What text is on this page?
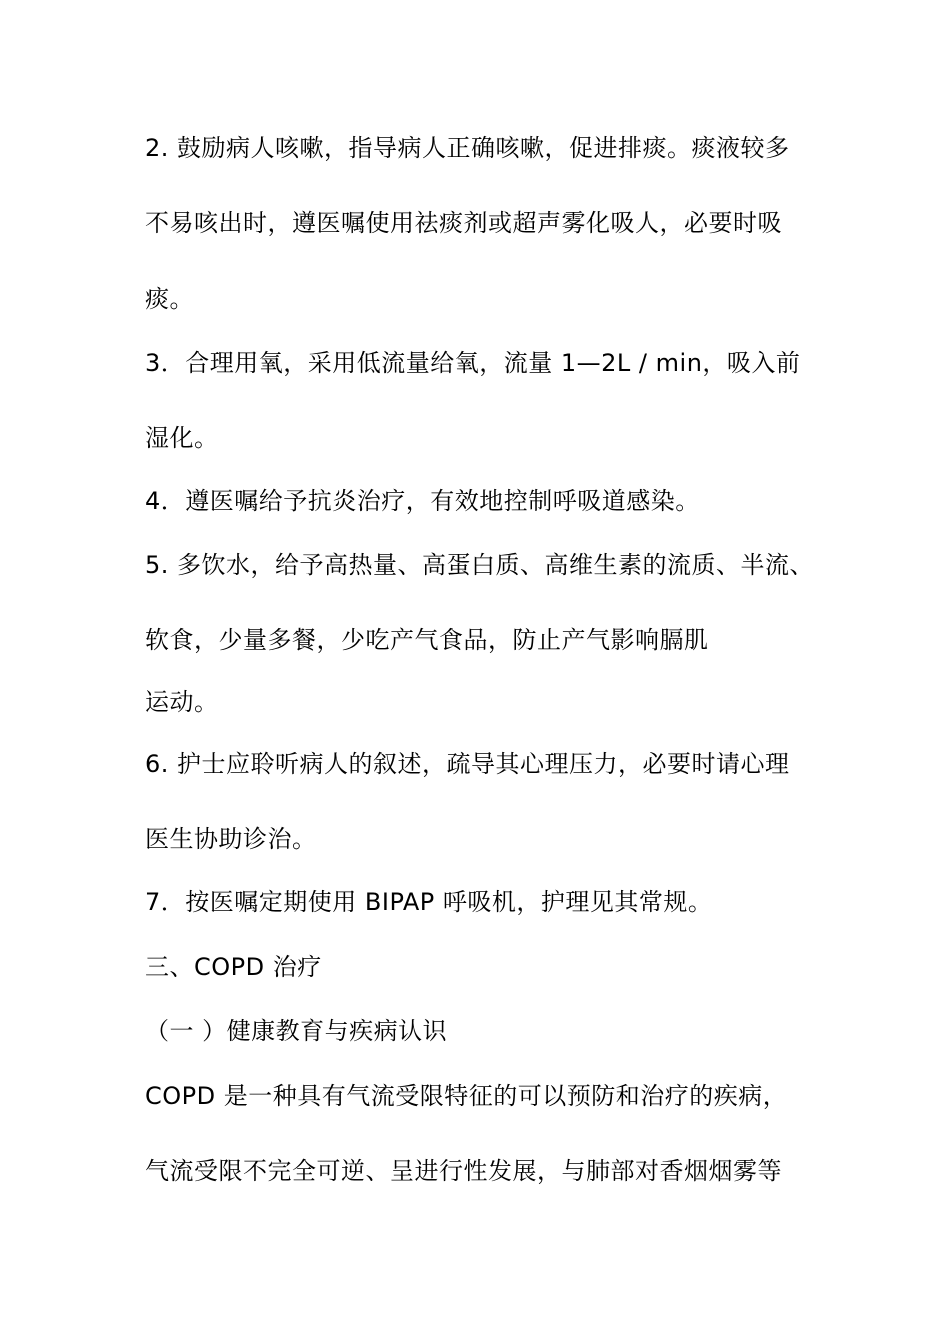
2. 鼓励病人咳嗽，指导病人正确咳嗽，促进排痰。痰液较多
不易咳出时，遵医嘱使用祛痰剂或超声雾化吸人，必要时吸
痰。
3．合理用氧，采用低流量给氧，流量 1—2L / min，吸入前
湿化。
4．遵医嘱给予抗炎治疗，有效地控制呼吸道感染。
5. 多饮水，给予高热量、高蛋白质、高维生素的流质、半流、
软食，少量多餐，少吃产气食品，防止产气影响膈肌
运动。
6. 护士应聆听病人的叙述，疏导其心理压力，必要时请心理
医生协助诊治。
7．按医嘱定期使用 BIPAP 呼吸机，护理见其常规。
三、COPD 治疗
（一 ）健康教育与疾病认识
COPD 是一种具有气流受限特征的可以预防和治疗的疾病，
气流受限不完全可逆、呈进行性发展，与肺部对香烟烟雾等
